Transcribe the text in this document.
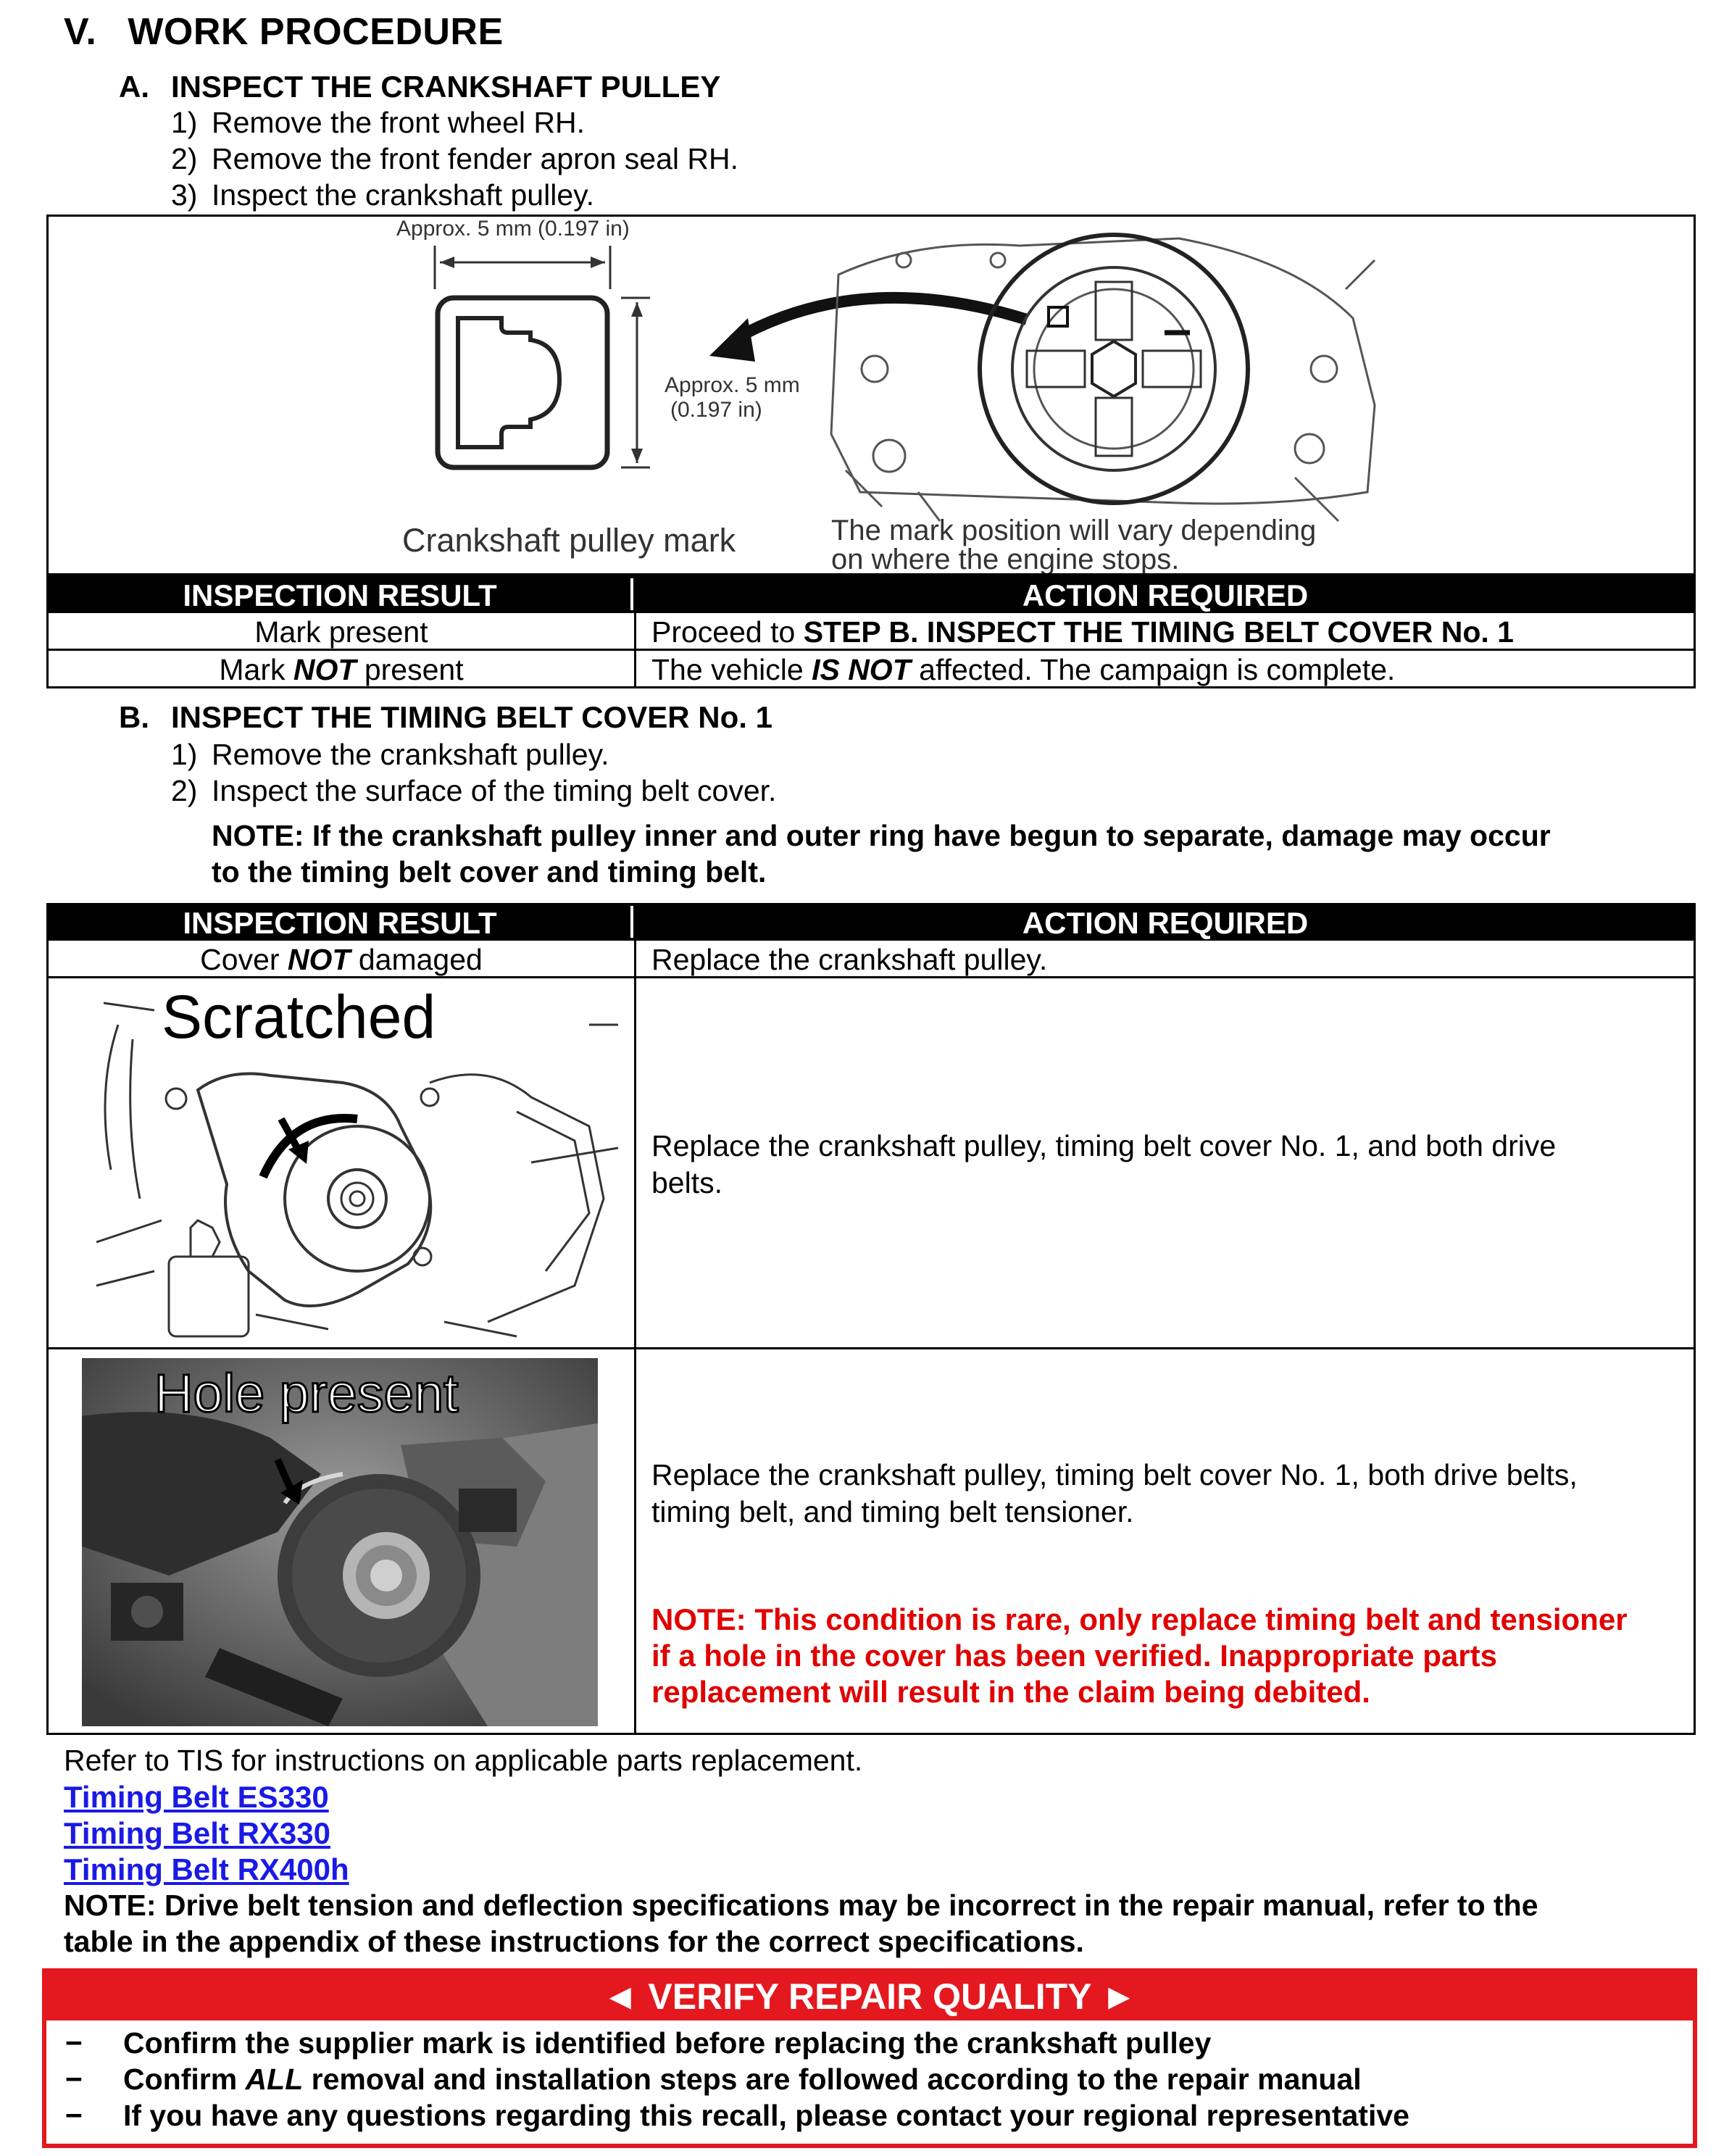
V. WORK PROCEDURE
A. INSPECT THE CRANKSHAFT PULLEY
1) Remove the front wheel RH.
2) Remove the front fender apron seal RH.
3) Inspect the crankshaft pulley.
Approx. 5 mm (0.197 in)
Approx. 5 mm
(0.197 in)
Crankshaft pulley mark	The mark position will vary depending
on where the engine stops.
INSPECTION RESULT	ACTION REQUIRED
Mark present	Proceed to STEP B. INSPECT THE TIMING BELT COVER No. 1
Mark NOT present	The vehicle IS NOT affected. The campaign is complete.
B. INSPECT THE TIMING BELT COVER No. 1
1) Remove the crankshaft pulley.
2) Inspect the surface of the timing belt cover.
NOTE: If the crankshaft pulley inner and outer ring have begun to separate, damage may occur
to the timing belt cover and timing belt.
INSPECTION RESULT	ACTION REQUIRED
Cover NOT damaged	Replace the crankshaft pulley.
Scratched
Replace the crankshaft pulley, timing belt cover No. 1, and both drive
belts.
Hole present
Replace the crankshaft pulley, timing belt cover No. 1, both drive belts,
timing belt, and timing belt tensioner.
NOTE: This condition is rare, only replace timing belt and tensioner
if a hole in the cover has been verified. Inappropriate parts
replacement will result in the claim being debited.
Refer to TIS for instructions on applicable parts replacement.
Timing Belt ES330
Timing Belt RX330
Timing Belt RX400h
NOTE: Drive belt tension and deflection specifications may be incorrect in the repair manual, refer to the
table in the appendix of these instructions for the correct specifications.
◄ VERIFY REPAIR QUALITY ►
− Confirm the supplier mark is identified before replacing the crankshaft pulley
− Confirm ALL removal and installation steps are followed according to the repair manual
− If you have any questions regarding this recall, please contact your regional representative
